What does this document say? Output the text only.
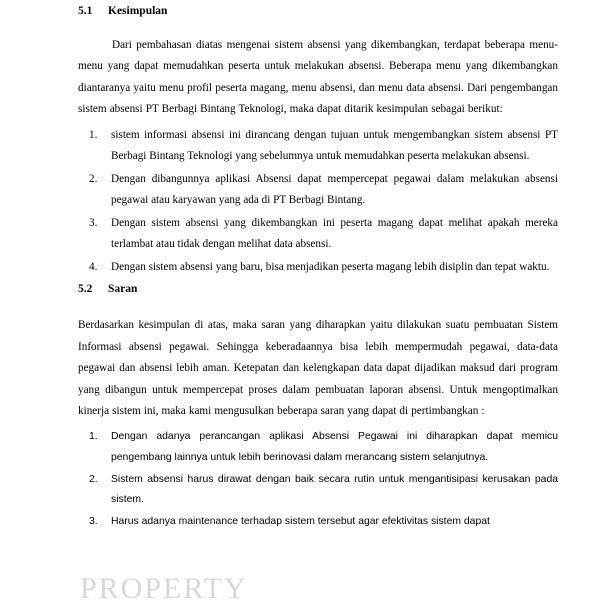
5.1 Kesimpulan

Dari pembahasan diatas mengenai sistem absensi yang dikembangkan, terdapat beberapa menu-menu yang dapat memudahkan peserta untuk melakukan absensi. Beberapa menu yang dikembangkan diantaranya yaitu menu profil peserta magang, menu absensi, dan menu data absensi. Dari pengembangan sistem absensi PT Berbagi Bintang Teknologi, maka dapat ditarik kesimpulan sebagai berikut:

1.	sistem informasi absensi ini dirancang dengan tujuan untuk mengembangkan sistem absensi PT Berbagi Bintang Teknologi yang sebelumnya untuk memudahkan peserta melakukan absensi.
2.	Dengan dibangunnya aplikasi Absensi dapat mempercepat pegawai dalam melakukan absensi pegawai atau karyawan yang ada di PT Berbagi Bintang.
3.	Dengan sistem absensi yang dikembangkan ini peserta magang dapat melihat apakah mereka terlambat atau tidak dengan melihat data absensi.
4.	Dengan sistem absensi yang baru, bisa menjadikan peserta magang lebih disiplin dan tepat waktu.
5.2 Saran

Berdasarkan kesimpulan di atas, maka saran yang diharapkan yaitu dilakukan suatu pembuatan Sistem Informasi absensi pegawai. Sehingga keberadaannya bisa lebih mempermudah pegawai, data-data pegawai dan absensi lebih aman. Ketepatan dan kelengkapan data dapat dijadikan maksud dari program yang dibangun untuk mempercepat proses dalam pembuatan laporan absensi. Untuk mengoptimalkan kinerja sistem ini, maka kami mengusulkan beberapa saran yang dapat di pertimbangkan :

1.	Dengan adanya perancangan aplikasi Absensi Pegawai ini diharapkan dapat memicu pengembang lainnya untuk lebih berinovasi dalam merancang sistem selanjutnya.
2.	Sistem absensi harus dirawat dengan baik secara rutin untuk mengantisipasi kerusakan pada sistem.
3.	Harus adanya maintenance terhadap sistem tersebut agar efektivitas sistem dapat
PROPERTY
